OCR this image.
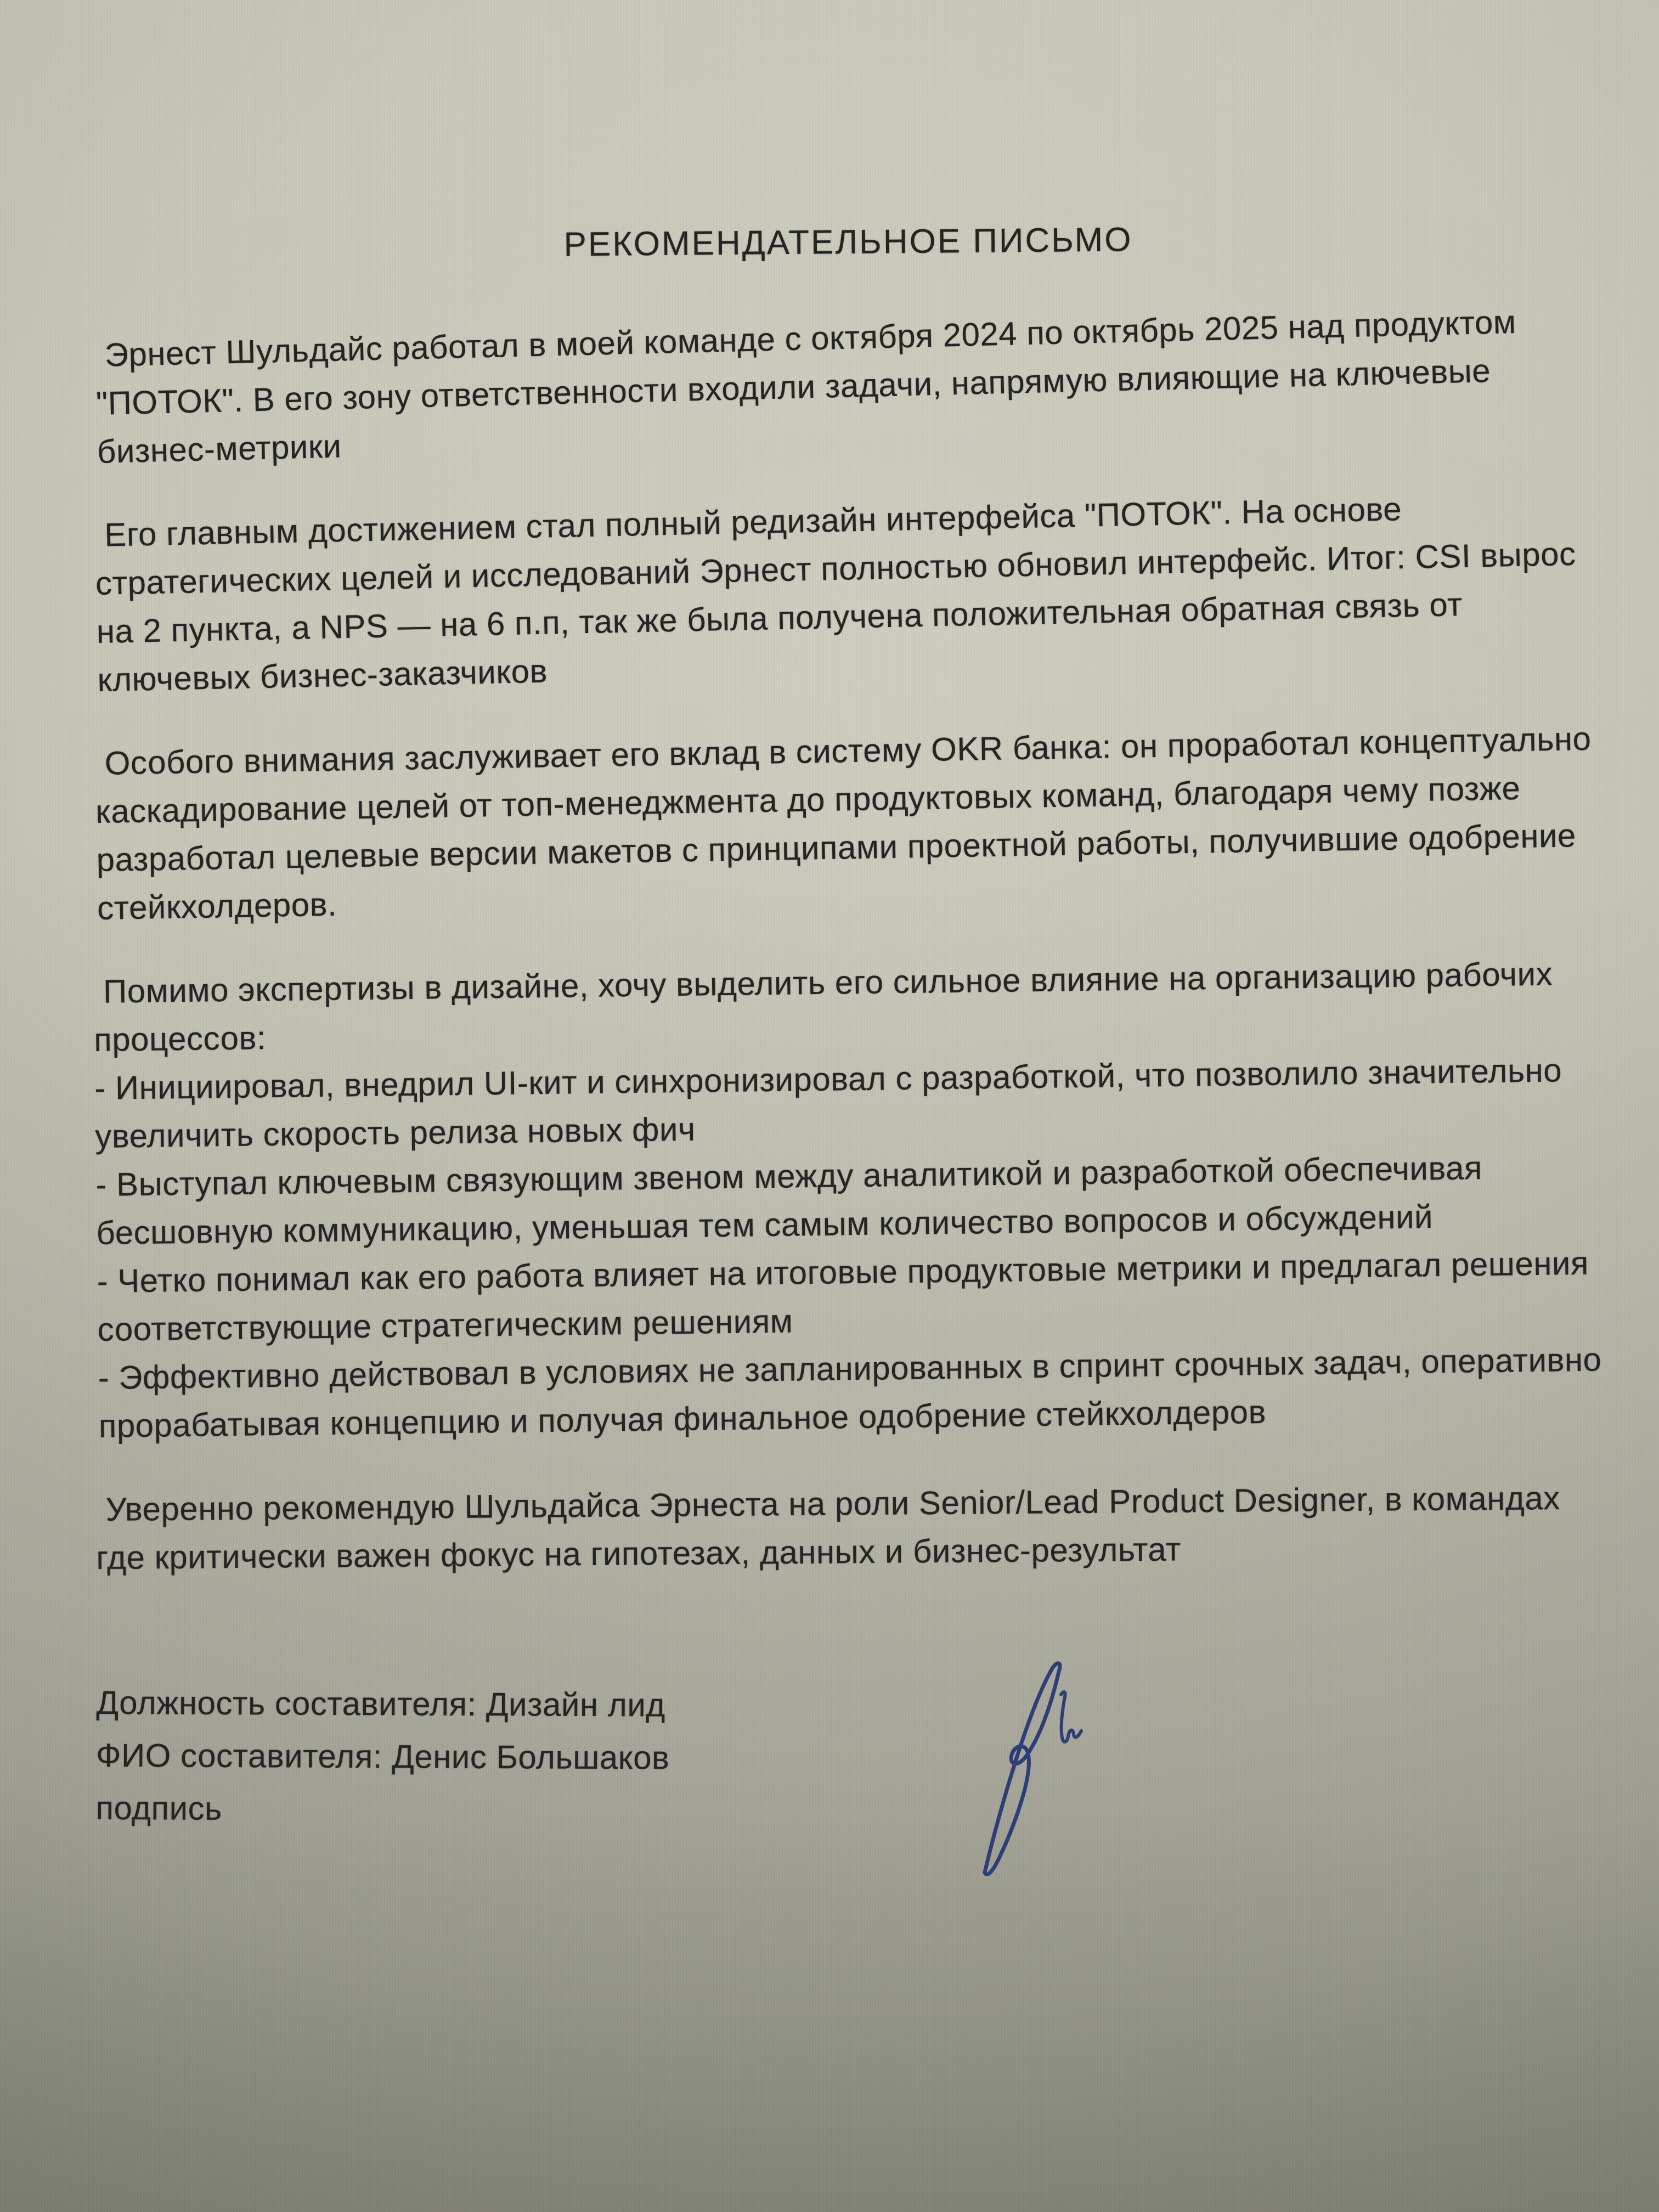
РЕКОМЕНДАТЕЛЬНОЕ ПИСЬМО

Эрнест Шульдайс работал в моей команде с октября 2024 по октябрь 2025 над продуктом "ПОТОК". В его зону ответственности входили задачи, напрямую влияющие на ключевые бизнес-метрики

Его главным достижением стал полный редизайн интерфейса "ПОТОК". На основе стратегических целей и исследований Эрнест полностью обновил интерфейс. Итог: CSI вырос на 2 пункта, а NPS — на 6 п.п, так же была получена положительная обратная связь от ключевых бизнес-заказчиков

Особого внимания заслуживает его вклад в систему OKR банка: он проработал концептуально каскадирование целей от топ-менеджмента до продуктовых команд, благодаря чему позже разработал целевые версии макетов с принципами проектной работы, получившие одобрение стейкхолдеров.

Помимо экспертизы в дизайне, хочу выделить его сильное влияние на организацию рабочих процессов:
- Инициировал, внедрил UI-кит и синхронизировал с разработкой, что позволило значительно увеличить скорость релиза новых фич
- Выступал ключевым связующим звеном между аналитикой и разработкой обеспечивая бесшовную коммуникацию, уменьшая тем самым количество вопросов и обсуждений
- Четко понимал как его работа влияет на итоговые продуктовые метрики и предлагал решения соответствующие стратегическим решениям
- Эффективно действовал в условиях не запланированных в спринт срочных задач, оперативно прорабатывая концепцию и получая финальное одобрение стейкхолдеров

Уверенно рекомендую Шульдайса Эрнеста на роли Senior/Lead Product Designer, в командах где критически важен фокус на гипотезах, данных и бизнес-результат

Должность составителя: Дизайн лид
ФИО составителя: Денис Большаков
подпись
